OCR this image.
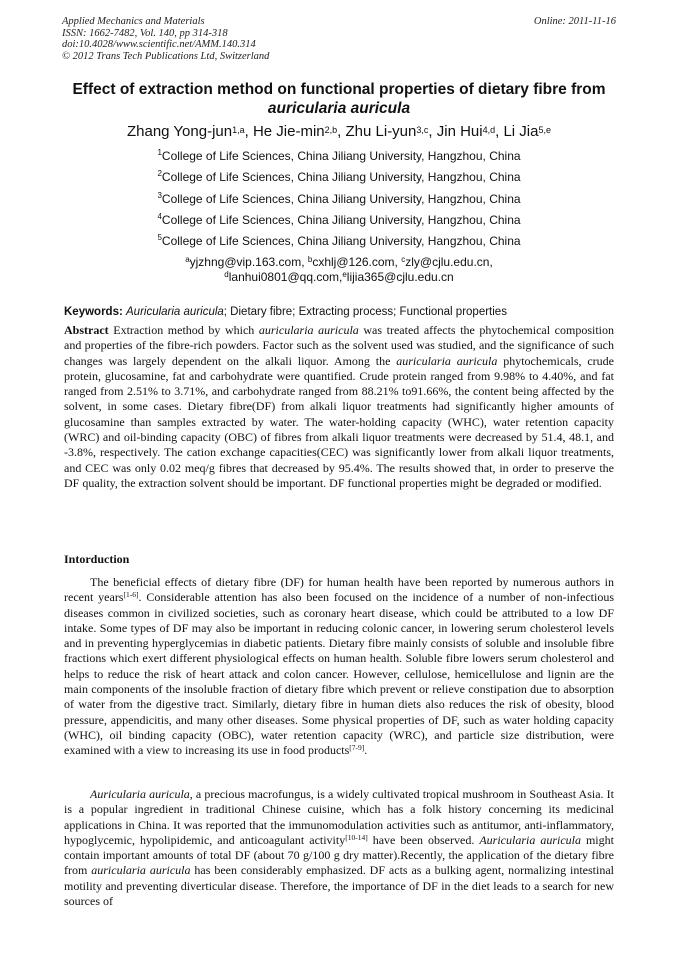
Applied Mechanics and Materials
ISSN: 1662-7482, Vol. 140, pp 314-318
doi:10.4028/www.scientific.net/AMM.140.314
© 2012 Trans Tech Publications Ltd, Switzerland
Online: 2011-11-16
Effect of extraction method on functional properties of dietary fibre from
auricularia auricula
Zhang Yong-jun$^{1,a}$, He Jie-$\min^{2,b}$, Zhu Li-yun$^{3,c}$, Jin Hui$^{4,d}$, Li Jia$^{5,e}$
$^1$College of Life Sciences, China Jiliang University, Hangzhou, China
$^2$College of Life Sciences, China Jiliang University, Hangzhou, China
$^3$College of Life Sciences, China Jiliang University, Hangzhou, China
$^4$College of Life Sciences, China Jiliang University, Hangzhou, China
$^5$College of Life Sciences, China Jiliang University, Hangzhou, China
$^a$yjzhng@vip.163.com, $^b$cxhlj@126.com, $^c$zly@cjlu.edu.cn,
$^d$lanhui0801@qq.com,$^e$lijia365@cjlu.edu.cn
Keywords: Auricularia auricula; Dietary fibre; Extracting process; Functional properties
Abstract Extraction method by which auricularia auricula was treated affects the phytochemical composition and properties of the fibre-rich powders. Factor such as the solvent used was studied, and the significance of such changes was largely dependent on the alkali liquor. Among the auricularia auricula phytochemicals, crude protein, glucosamine, fat and carbohydrate were quantified. Crude protein ranged from 9.98% to 4.40%, and fat ranged from 2.51% to 3.71%, and carbohydrate ranged from 88.21% to91.66%, the content being affected by the solvent, in some cases. Dietary fibre(DF) from alkali liquor treatments had significantly higher amounts of glucosamine than samples extracted by water. The water-holding capacity (WHC), water retention capacity (WRC) and oil-binding capacity (OBC) of fibres from alkali liquor treatments were decreased by 51.4, 48.1, and -3.8%, respectively. The cation exchange capacities(CEC) was significantly lower from alkali liquor treatments, and CEC was only 0.02 meq/g fibres that decreased by 95.4%. The results showed that, in order to preserve the DF quality, the extraction solvent should be important. DF functional properties might be degraded or modified.
Intorduction
The beneficial effects of dietary fibre (DF) for human health have been reported by numerous authors in recent years[1-6]. Considerable attention has also been focused on the incidence of a number of non-infectious diseases common in civilized societies, such as coronary heart disease, which could be attributed to a low DF intake. Some types of DF may also be important in reducing colonic cancer, in lowering serum cholesterol levels and in preventing hyperglycemias in diabetic patients. Dietary fibre mainly consists of soluble and insoluble fibre fractions which exert different physiological effects on human health. Soluble fibre lowers serum cholesterol and helps to reduce the risk of heart attack and colon cancer. However, cellulose, hemicellulose and lignin are the main components of the insoluble fraction of dietary fibre which prevent or relieve constipation due to absorption of water from the digestive tract. Similarly, dietary fibre in human diets also reduces the risk of obesity, blood pressure, appendicitis, and many other diseases. Some physical properties of DF, such as water holding capacity (WHC), oil binding capacity (OBC), water retention capacity (WRC), and particle size distribution, were examined with a view to increasing its use in food products[7-9].
Auricularia auricula, a precious macrofungus, is a widely cultivated tropical mushroom in Southeast Asia. It is a popular ingredient in traditional Chinese cuisine, which has a folk history concerning its medicinal applications in China. It was reported that the immunomodulation activities such as antitumor, anti-inflammatory, hypoglycemic, hypolipidemic, and anticoagulant activity[10-14] have been observed. Auricularia auricula might contain important amounts of total DF (about 70 g/100 g dry matter).Recently, the application of the dietary fibre from auricularia auricula has been considerably emphasized. DF acts as a bulking agent, normalizing intestinal motility and preventing diverticular disease. Therefore, the importance of DF in the diet leads to a search for new sources of
